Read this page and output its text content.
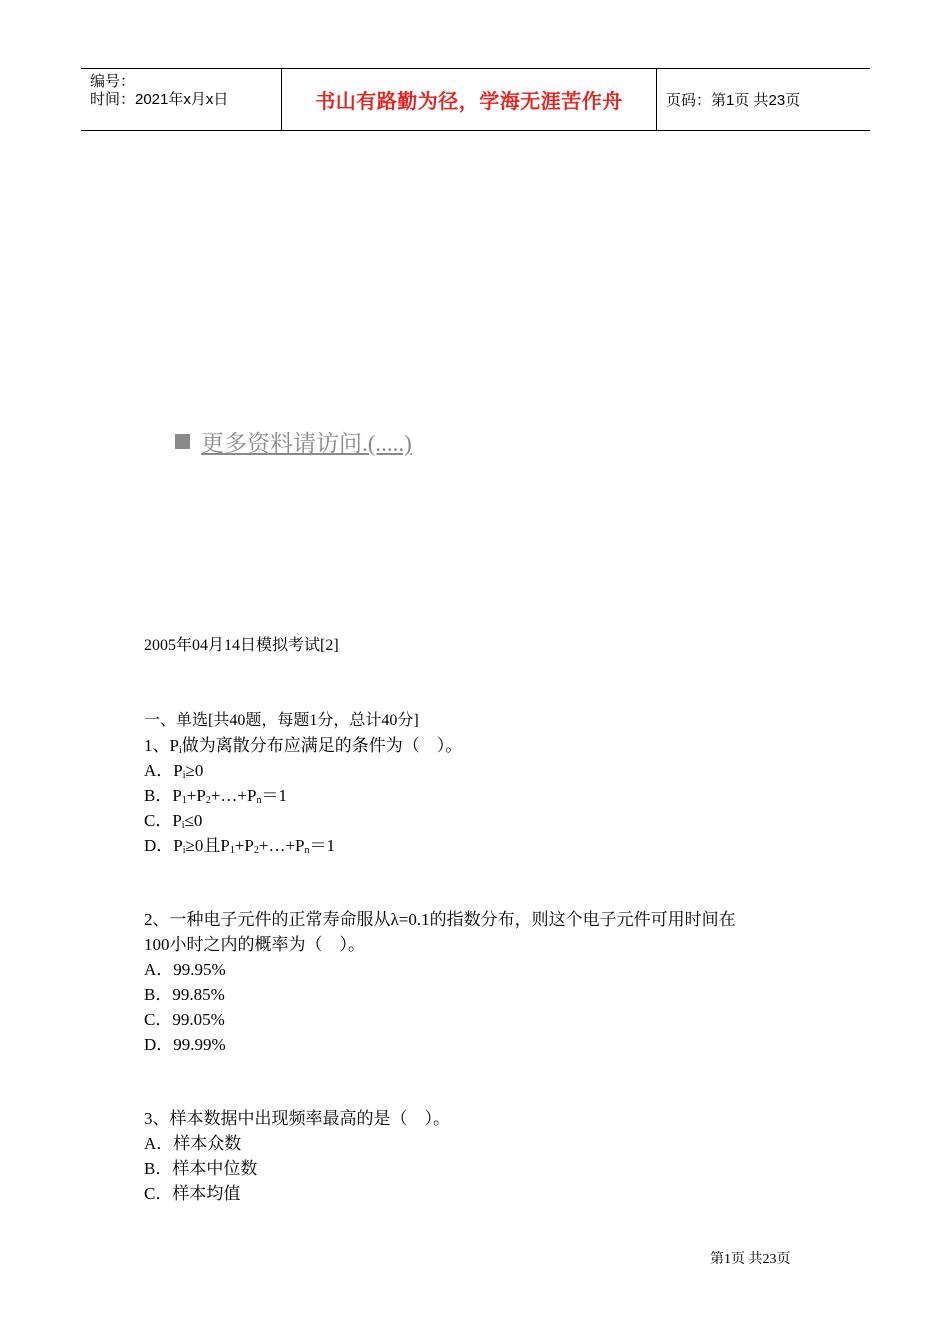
编号：
时间：2021年x月x日	书山有路勤为径，学海无涯苦作舟	页码：第1页 共23页
更多资料请访问.(.....)
2005年04月14日模拟考试[2]
一、单选[共40题，每题1分，总计40分]
1、$P_i$做为离散分布应满足的条件为（　）。
A．$P_i\ge 0$
B．$P_1+P_2+\dots+P_n=1$
C．$P_i\le 0$
D．$P_i\ge 0$且$P_1+P_2+\dots+P_n=1$
2、一种电子元件的正常寿命服从λ=0.1的指数分布，则这个电子元件可用时间在
100小时之内的概率为（　）。
A．99.95%
B．99.85%
C．99.05%
D．99.99%
3、样本数据中出现频率最高的是（　）。
A．样本众数
B．样本中位数
C．样本均值
第1页 共23页
